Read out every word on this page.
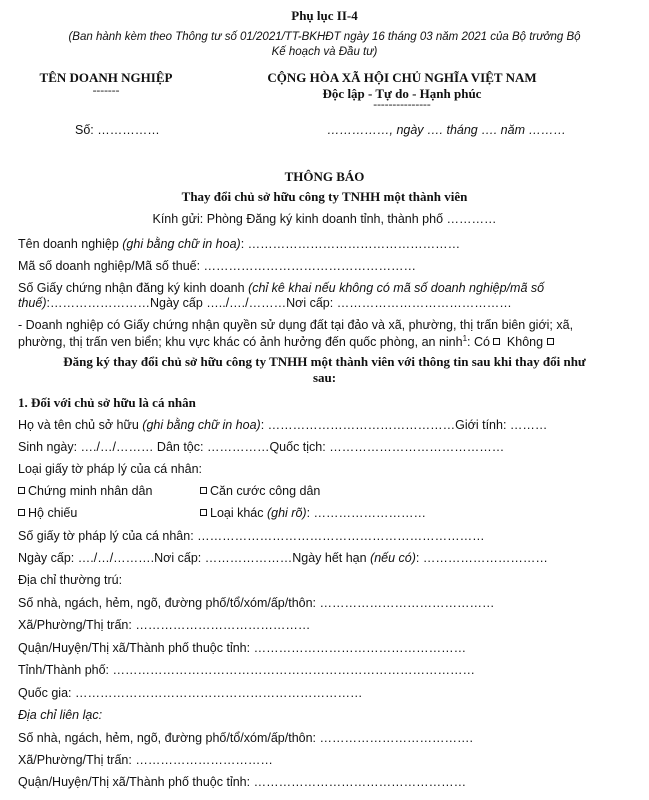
Phụ lục II-4
(Ban hành kèm theo Thông tư số 01/2021/TT-BKHĐT ngày 16 tháng 03 năm 2021 của Bộ trưởng Bộ
Kế hoạch và Đầu tư)
TÊN DOANH NGHIỆP
-------
CỘNG HÒA XÃ HỘI CHỦ NGHĨA VIỆT NAM
Độc lập - Tự do - Hạnh phúc
---------------
Số: ……………	……………, ngày …. tháng …. năm ………
THÔNG BÁO
Thay đổi chủ sở hữu công ty TNHH một thành viên
Kính gửi: Phòng Đăng ký kinh doanh tỉnh, thành phố …………
Tên doanh nghiệp (ghi bằng chữ in hoa): ……………………………………………
Mã số doanh nghiệp/Mã số thuế: ……………………………………………
Số Giấy chứng nhận đăng ký kinh doanh (chỉ kê khai nếu không có mã số doanh nghiệp/mã số
thuế):……………………Ngày cấp …../…./………Nơi cấp: ……………………………………
- Doanh nghiệp có Giấy chứng nhận quyền sử dụng đất tại đảo và xã, phường, thị trấn biên giới; xã,
phường, thị trấn ven biển; khu vực khác có ảnh hưởng đến quốc phòng, an ninh$^1$: Có  Không
Đăng ký thay đổi chủ sở hữu công ty TNHH một thành viên với thông tin sau khi thay đổi như
sau:
1. Đối với chủ sở hữu là cá nhân
Họ và tên chủ sở hữu (ghi bằng chữ in hoa): ………………………………………Giới tính: ………
Sinh ngày: …./…/……… Dân tộc: ……………Quốc tịch: ……………………………………
Loại giấy tờ pháp lý của cá nhân:
Chứng minh nhân dân	Căn cước công dân
Hộ chiếu	Loại khác (ghi rõ): ………………………
Số giấy tờ pháp lý của cá nhân: ……………………………………………………………
Ngày cấp: …./…/……….Nơi cấp: …………………Ngày hết hạn (nếu có): …………………………
Địa chỉ thường trú:
Số nhà, ngách, hẻm, ngõ, đường phố/tổ/xóm/ấp/thôn: ……………………………………
Xã/Phường/Thị trấn: ……………………………………
Quận/Huyện/Thị xã/Thành phố thuộc tỉnh: ……………………………………………
Tỉnh/Thành phố: ……………………………………………………………………………
Quốc gia: ……………………………………………………………
Địa chỉ liên lạc:
Số nhà, ngách, hẻm, ngõ, đường phố/tổ/xóm/ấp/thôn: ……………………………….
Xã/Phường/Thị trấn: ……………………………
Quận/Huyện/Thị xã/Thành phố thuộc tỉnh: ……………………………………………
